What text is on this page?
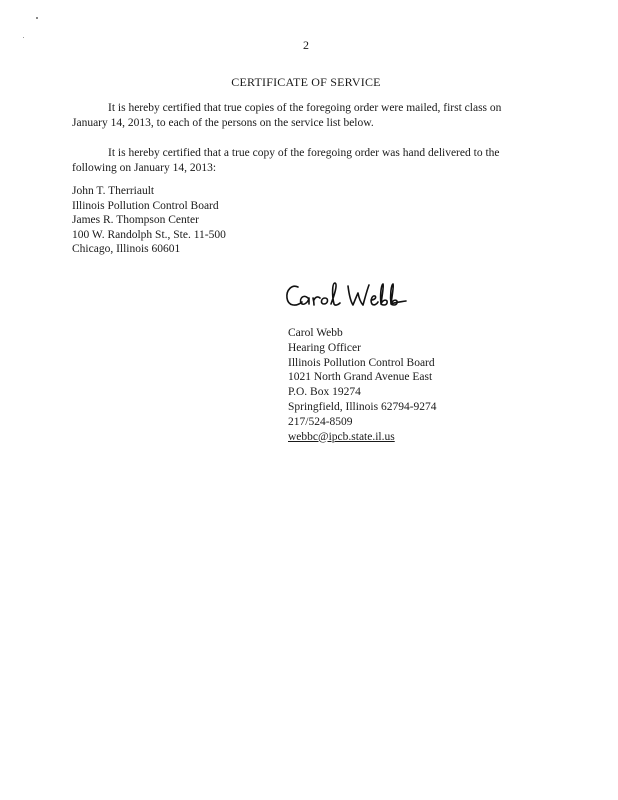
2
CERTIFICATE OF SERVICE
It is hereby certified that true copies of the foregoing order were mailed, first class on
January 14, 2013, to each of the persons on the service list below.
It is hereby certified that a true copy of the foregoing order was hand delivered to the
following on January 14, 2013:
John T. Therriault
Illinois Pollution Control Board
James R. Thompson Center
100 W. Randolph St., Ste. 11-500
Chicago, Illinois 60601
Carol Webb
Hearing Officer
Illinois Pollution Control Board
1021 North Grand Avenue East
P.O. Box 19274
Springfield, Illinois 62794-9274
217/524-8509
webbc@ipcb.state.il.us
